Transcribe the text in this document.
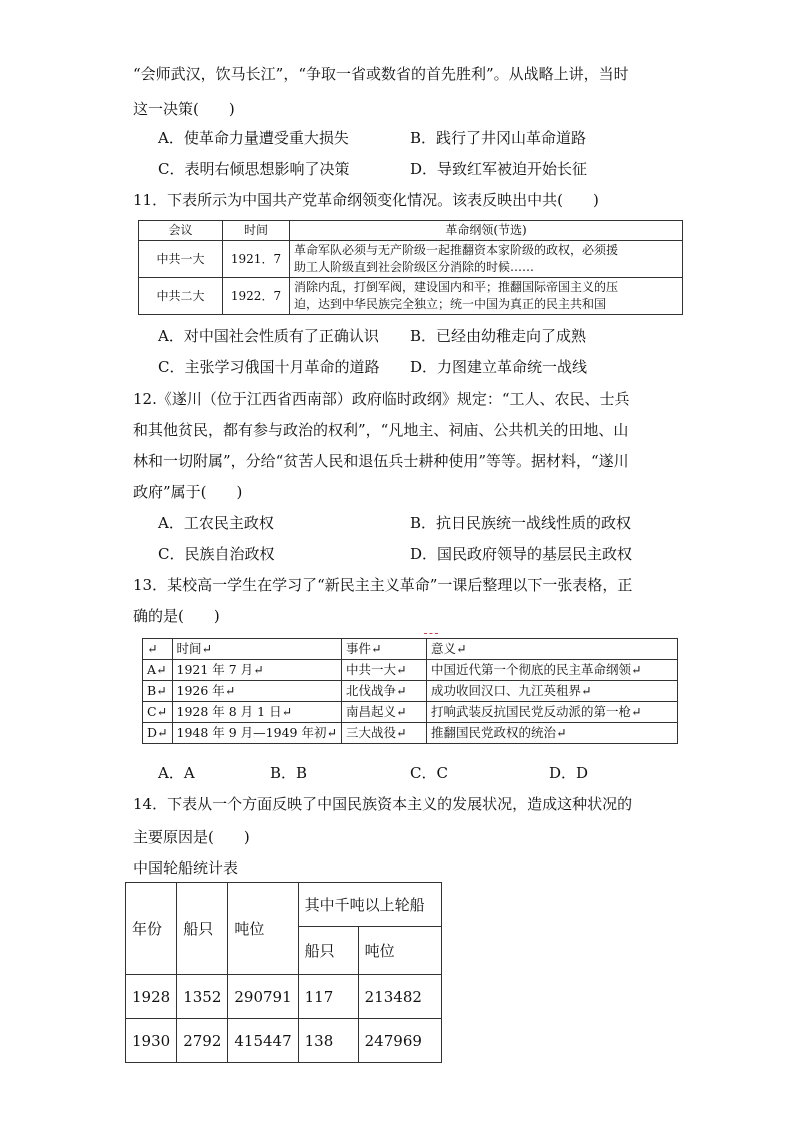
“会师武汉，饮马长江”，“争取一省或数省的首先胜利”。从战略上讲，当时
这一决策(　　)
A．使革命力量遭受重大损失	B．践行了井冈山革命道路
C．表明右倾思想影响了决策	D．导致红军被迫开始长征
11．下表所示为中国共产党革命纲领变化情况。该表反映出中共(　　)
会议	时间	革命纲领(节选)
中共一大	1921．7	革命军队必须与无产阶级一起推翻资本家阶级的政权，必须援
助工人阶级直到社会阶级区分消除的时候……

中共二大	1922．7	消除内乱，打倒军阀，建设国内和平；推翻国际帝国主义的压
迫，达到中华民族完全独立；统一中国为真正的民主共和国
A．对中国社会性质有了正确认识 B．已经由幼稚走向了成熟
C．主张学习俄国十月革命的道路 D．力图建立革命统一战线
12.《遂川（位于江西省西南部）政府临时政纲》规定：“工人、农民、士兵
和其他贫民，都有参与政治的权利”，“凡地主、祠庙、公共机关的田地、山
林和一切附属”，分给“贫苦人民和退伍兵士耕种使用”等等。据材料，“遂川
政府”属于(　　)
A．工农民主政权	B．抗日民族统一战线性质的政权
C．民族自治政权	D．国民政府领导的基层民主政权
13．某校高一学生在学习了“新民主主义革命”一课后整理以下一张表格，正
确的是(　　)
↵	时间↵	事件↵	意义↵
A↵	1921 年 7 月↵	中共一大↵	中国近代第一个彻底的民主革命纲领↵
B↵	1926 年↵	北伐战争↵	成功收回汉口、九江英租界↵
C↵	1928 年 8 月 1 日↵	南昌起义↵	打响武装反抗国民党反动派的第一枪↵
D↵	1948 年 9 月—1949 年初↵	三大战役↵	推翻国民党政权的统治↵
A．A	B．B	C．C	D．D
14．下表从一个方面反映了中国民族资本主义的发展状况，造成这种状况的
主要原因是(　　)
中国轮船统计表
年份	船只	吨位	其中千吨以上轮船	
			船只	吨位
1928	1352	290791	117	213482
1930	2792	415447	138	247969
